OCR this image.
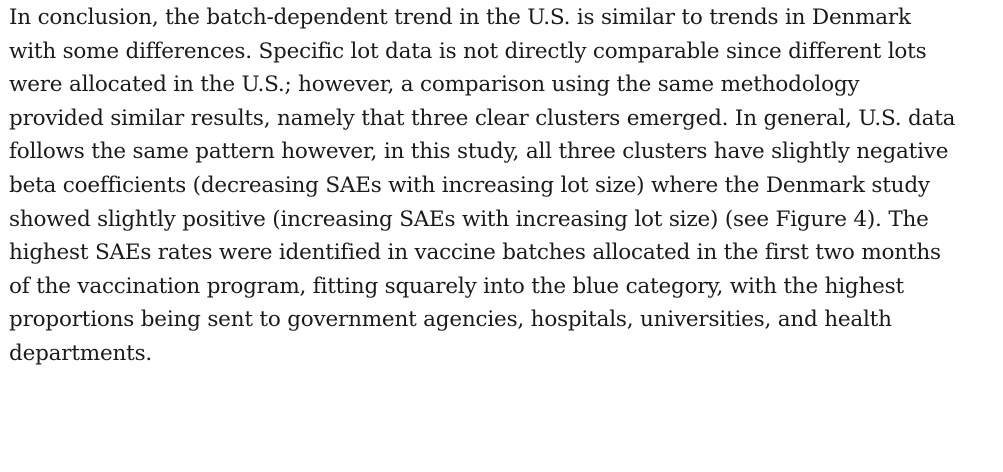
In conclusion, the batch-dependent trend in the U.S. is similar to trends in Denmark
with some differences. Specific lot data is not directly comparable since different lots
were allocated in the U.S.; however, a comparison using the same methodology
provided similar results, namely that three clear clusters emerged. In general, U.S. data
follows the same pattern however, in this study, all three clusters have slightly negative
beta coefficients (decreasing SAEs with increasing lot size) where the Denmark study
showed slightly positive (increasing SAEs with increasing lot size) (see Figure 4). The
highest SAEs rates were identified in vaccine batches allocated in the first two months
of the vaccination program, fitting squarely into the blue category, with the highest
proportions being sent to government agencies, hospitals, universities, and health
departments.
